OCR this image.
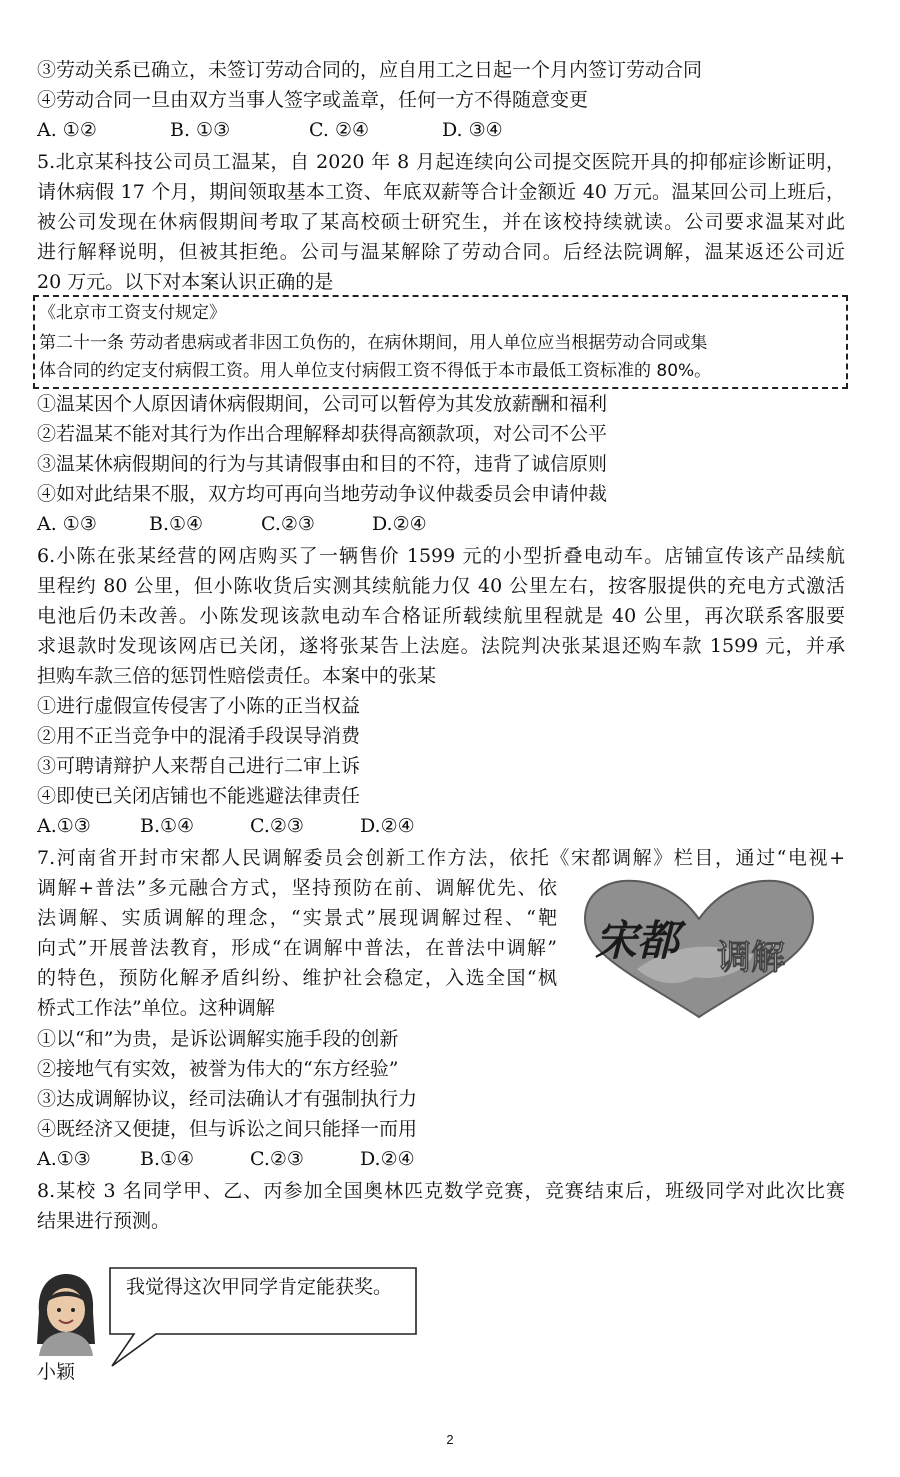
③劳动关系已确立，未签订劳动合同的，应自用工之日起一个月内签订劳动合同

④劳动合同一旦由双方当事人签字或盖章，任何一方不得随意变更

A. ①②	B. ①③	C. ②④	D. ③④

5.北京某科技公司员工温某，自 2020 年 8 月起连续向公司提交医院开具的抑郁症诊断证明，

请休病假 17 个月，期间领取基本工资、年底双薪等合计金额近 40 万元。温某回公司上班后，

被公司发现在休病假期间考取了某高校硕士研究生，并在该校持续就读。公司要求温某对此

进行解释说明，但被其拒绝。公司与温某解除了劳动合同。后经法院调解，温某返还公司近

20 万元。以下对本案认识正确的是

《北京市工资支付规定》
第二十一条 劳动者患病或者非因工负伤的，在病休期间，用人单位应当根据劳动合同或集
体合同的约定支付病假工资。用人单位支付病假工资不得低于本市最低工资标准的 80%。

①温某因个人原因请休病假期间，公司可以暂停为其发放薪酬和福利

②若温某不能对其行为作出合理解释却获得高额款项，对公司不公平

③温某休病假期间的行为与其请假事由和目的不符，违背了诚信原则

④如对此结果不服，双方均可再向当地劳动争议仲裁委员会申请仲裁

A. ①③	B.①④	C.②③	D.②④

6.小陈在张某经营的网店购买了一辆售价 1599 元的小型折叠电动车。店铺宣传该产品续航

里程约 80 公里，但小陈收货后实测其续航能力仅 40 公里左右，按客服提供的充电方式激活

电池后仍未改善。小陈发现该款电动车合格证所载续航里程就是 40 公里，再次联系客服要

求退款时发现该网店已关闭，遂将张某告上法庭。法院判决张某退还购车款 1599 元，并承

担购车款三倍的惩罚性赔偿责任。本案中的张某

①进行虚假宣传侵害了小陈的正当权益

②用不正当竞争中的混淆手段误导消费

③可聘请辩护人来帮自己进行二审上诉

④即使已关闭店铺也不能逃避法律责任

A.①③	B.①④	C.②③	D.②④

7.河南省开封市宋都人民调解委员会创新工作方法，依托《宋都调解》栏目，通过“电视+

调解+普法”多元融合方式，坚持预防在前、调解优先、依

法调解、实质调解的理念，“实景式”展现调解过程、“靶

向式”开展普法教育，形成“在调解中普法，在普法中调解”

的特色，预防化解矛盾纠纷、维护社会稳定，入选全国“枫

桥式工作法”单位。这种调解

宋都 调解

①以“和”为贵，是诉讼调解实施手段的创新

②接地气有实效，被誉为伟大的“东方经验”

③达成调解协议，经司法确认才有强制执行力

④既经济又便捷，但与诉讼之间只能择一而用

A.①③	B.①④	C.②③	D.②④

8.某校 3 名同学甲、乙、丙参加全国奥林匹克数学竞赛，竞赛结束后，班级同学对此次比赛

结果进行预测。

我觉得这次甲同学肯定能获奖。
小颖
2
